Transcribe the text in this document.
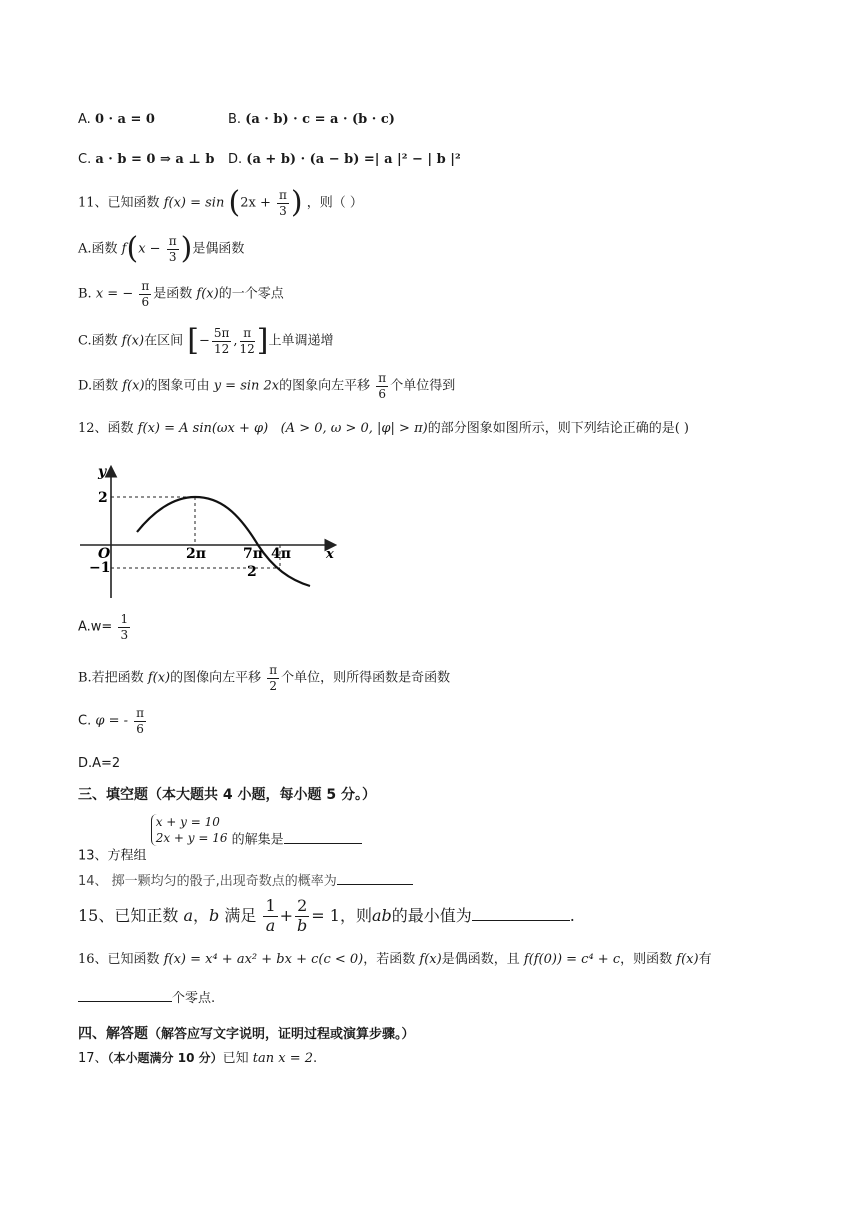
A. 0 · a = 0	B. (a · b) · c = a · (b · c)
C. a · b = 0 ⇒ a ⊥ b D. (a + b) · (a − b) =| a |² − | b |²
11、已知函数 $f(x) = \sin (2x + \frac{\pi}{3}$ ) ，则（ ）
A.函数 $f(x - \frac{\pi}{3}$ )是偶函数
B. x = − $\frac{\pi}{6}$ 是函数 f(x)的一个零点
C.函数 f(x)在区间 [− $\frac{5\pi}{12}$ , $\frac{\pi}{12}$ ]上单调递增
D.函数 f(x)的图象可由 y = sin 2x的图象向左平移 $\frac{\pi}{6}$ 个单位得到
12、函数 f(x) = A sin(ωx + φ) (A > 0, ω > 0, |φ| > π)的部分图象如图所示，则下列结论正确的是( )
y
x
O
2
−1
2π	7π
2
4π
$A.w= \frac{1}{3}$
B.若把函数 f(x)的图像向左平移 $\frac{\pi}{2}$ 个单位，则所得函数是奇函数
C. φ = - $\frac{\pi}{6}$
D.A=2
三、填空题（本大题共 4 小题，每小题 5 分。）
13、方程组
x + y = 10
2x + y = 16 的解集是
14、 掷一颗均匀的骰子,出现奇数点的概率为
15、已知正数 a，b 满足 $\frac{1}{a} + \frac{2}{b} = 1$，则ab的最小值为	.
16、已知函数 f(x) = x⁴ + ax² + bx + c(c < 0)，若函数 f(x)是偶函数，且 f(f(0)) = c⁴ + c，则函数 f(x)有
个零点.
四、解答题（解答应写文字说明，证明过程或演算步骤。）
17、（本小题满分 10 分）已知 tan x = 2.
